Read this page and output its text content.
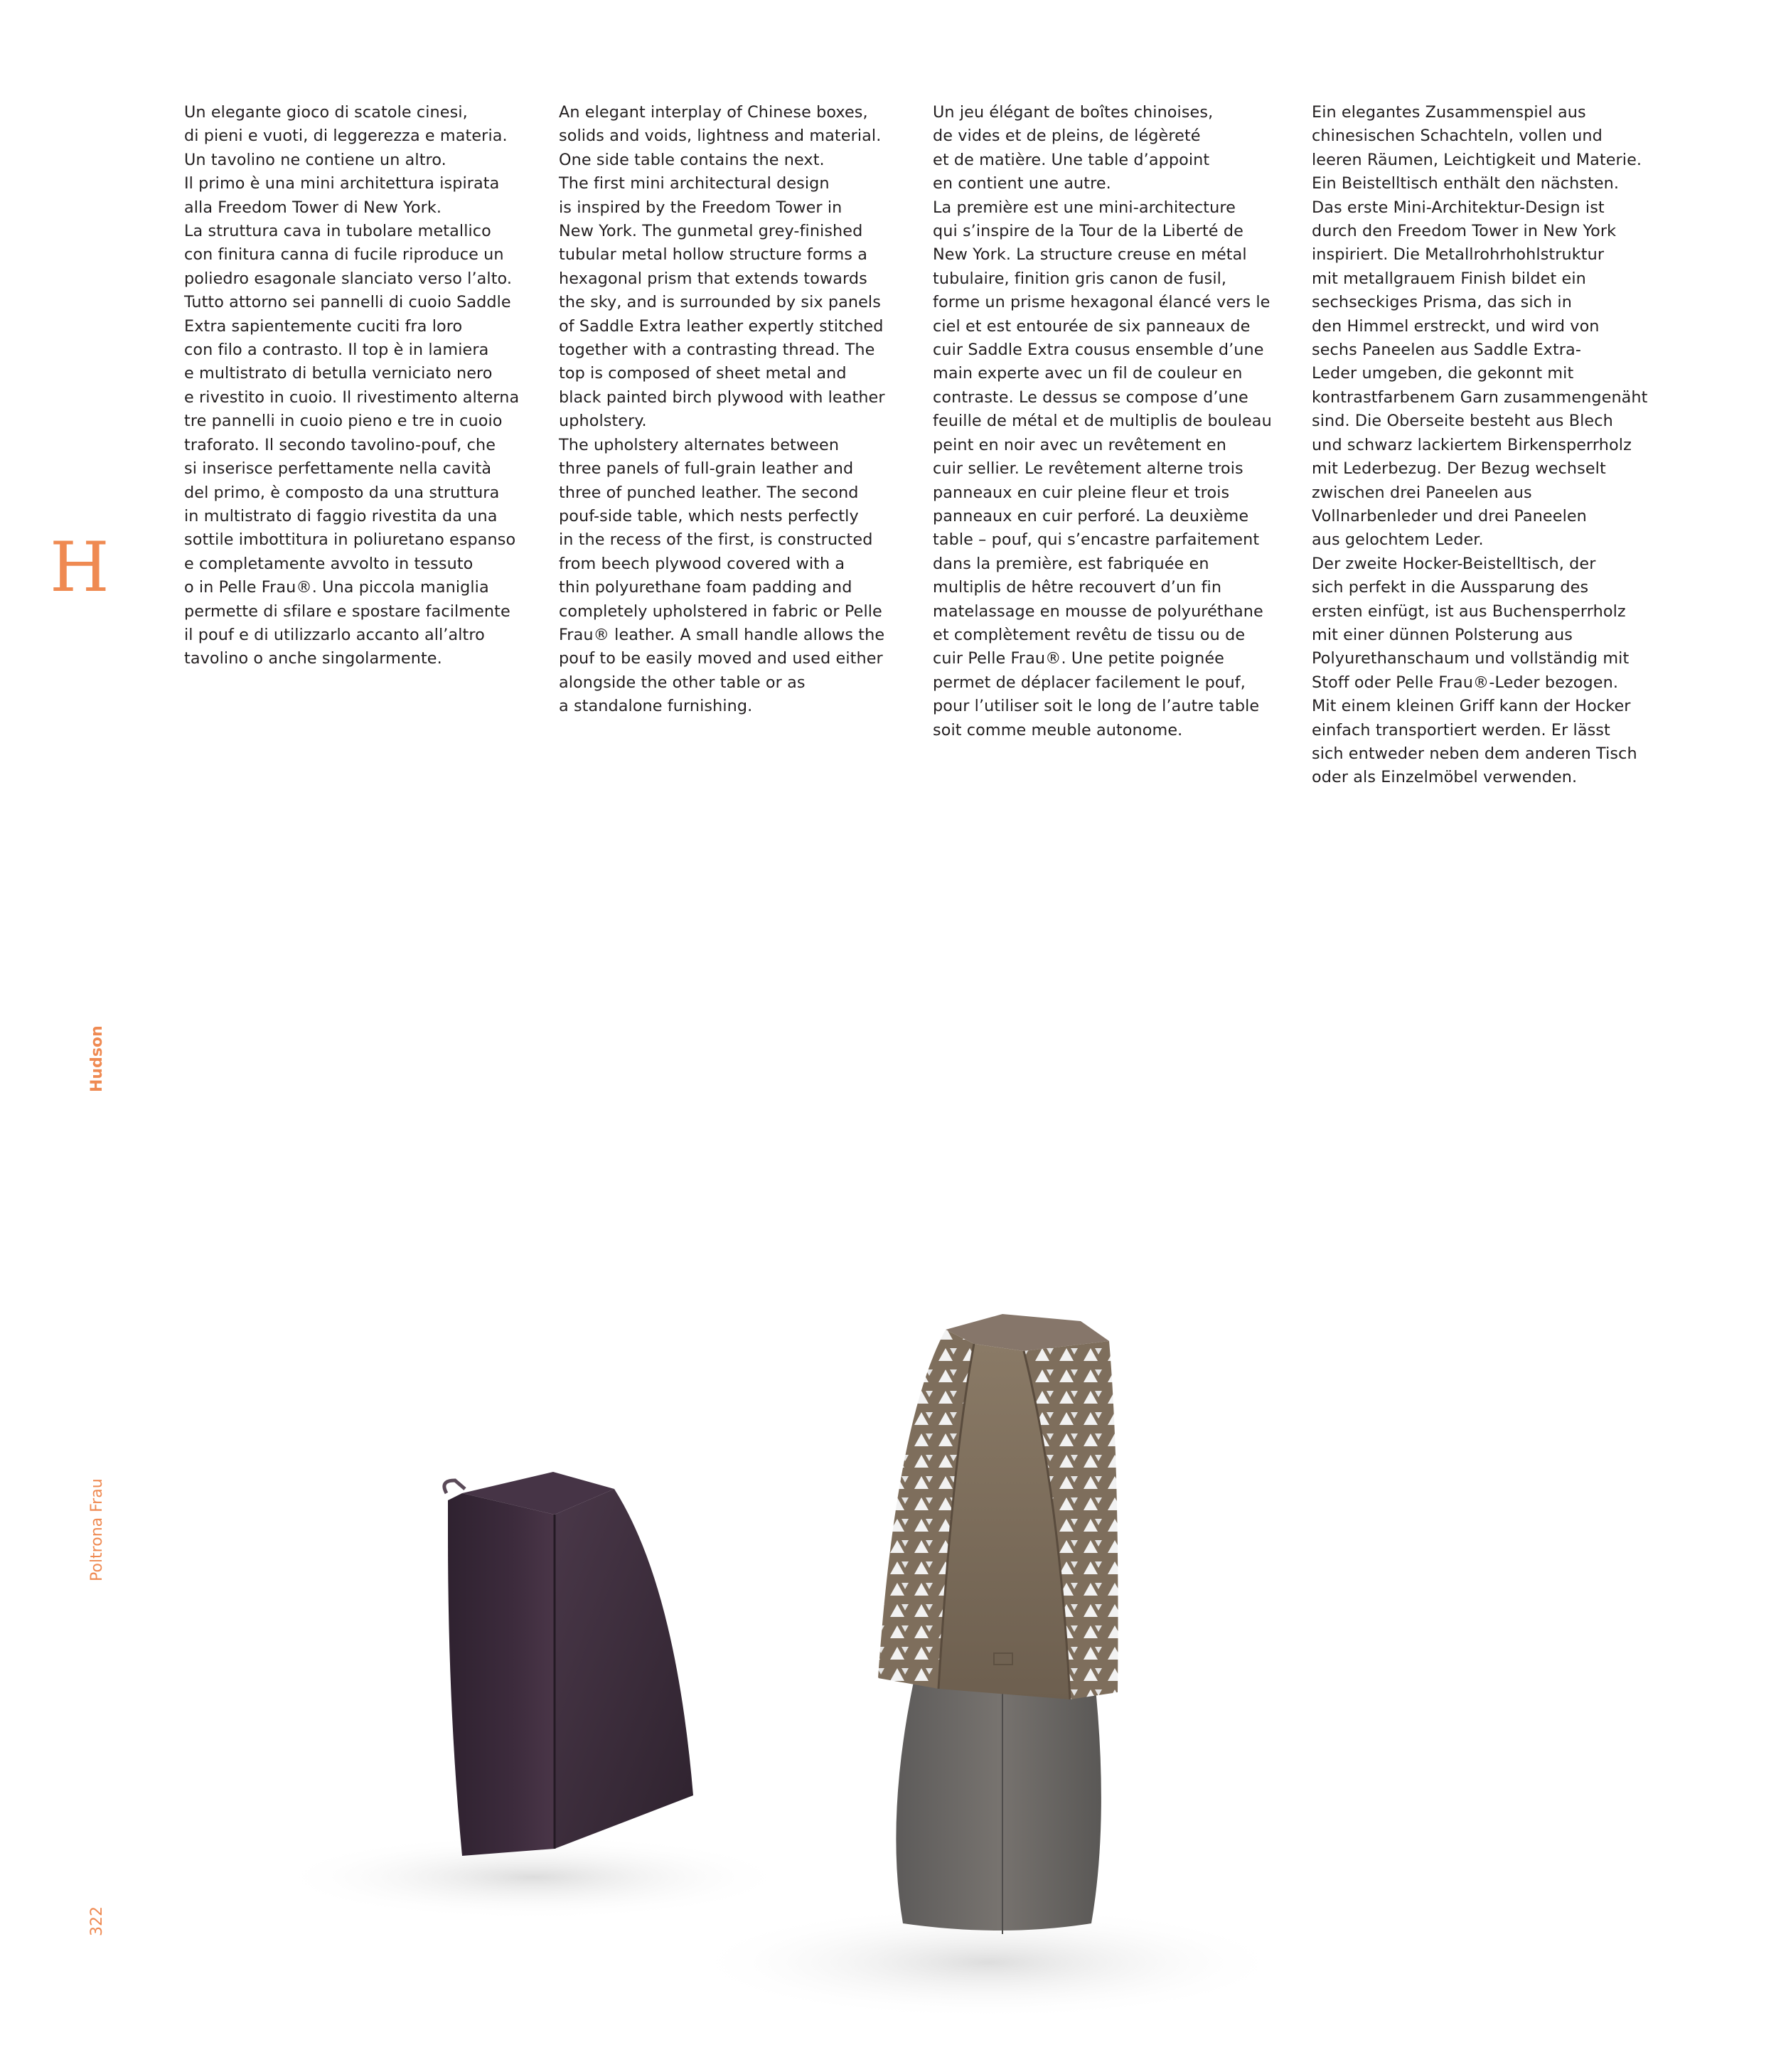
Un elegante gioco di scatole cinesi,
di pieni e vuoti, di leggerezza e materia.
Un tavolino ne contiene un altro.
Il primo è una mini architettura ispirata
alla Freedom Tower di New York.
La struttura cava in tubolare metallico
con finitura canna di fucile riproduce un
poliedro esagonale slanciato verso l’alto.
Tutto attorno sei pannelli di cuoio Saddle
Extra sapientemente cuciti fra loro
con filo a contrasto. Il top è in lamiera
e multistrato di betulla verniciato nero
e rivestito in cuoio. Il rivestimento alterna
tre pannelli in cuoio pieno e tre in cuoio
traforato. Il secondo tavolino-pouf, che
si inserisce perfettamente nella cavità
del primo, è composto da una struttura
in multistrato di faggio rivestita da una
sottile imbottitura in poliuretano espanso
e completamente avvolto in tessuto
o in Pelle Frau®. Una piccola maniglia
permette di sfilare e spostare facilmente
il pouf e di utilizzarlo accanto all’altro
tavolino o anche singolarmente.
An elegant interplay of Chinese boxes,
solids and voids, lightness and material.
One side table contains the next.
The first mini architectural design
is inspired by the Freedom Tower in
New York. The gunmetal grey-finished
tubular metal hollow structure forms a
hexagonal prism that extends towards
the sky, and is surrounded by six panels
of Saddle Extra leather expertly stitched
together with a contrasting thread. The
top is composed of sheet metal and
black painted birch plywood with leather
upholstery.
The upholstery alternates between
three panels of full-grain leather and
three of punched leather. The second
pouf-side table, which nests perfectly
in the recess of the first, is constructed
from beech plywood covered with a
thin polyurethane foam padding and
completely upholstered in fabric or Pelle
Frau® leather. A small handle allows the
pouf to be easily moved and used either
alongside the other table or as
a standalone furnishing.
Un jeu élégant de boîtes chinoises,
de vides et de pleins, de légèreté
et de matière. Une table d’appoint
en contient une autre.
La première est une mini-architecture
qui s’inspire de la Tour de la Liberté de
New York. La structure creuse en métal
tubulaire, finition gris canon de fusil,
forme un prisme hexagonal élancé vers le
ciel et est entourée de six panneaux de
cuir Saddle Extra cousus ensemble d’une
main experte avec un fil de couleur en
contraste. Le dessus se compose d’une
feuille de métal et de multiplis de bouleau
peint en noir avec un revêtement en
cuir sellier. Le revêtement alterne trois
panneaux en cuir pleine fleur et trois
panneaux en cuir perforé. La deuxième
table – pouf, qui s’encastre parfaitement
dans la première, est fabriquée en
multiplis de hêtre recouvert d’un fin
matelassage en mousse de polyuréthane
et complètement revêtu de tissu ou de
cuir Pelle Frau®. Une petite poignée
permet de déplacer facilement le pouf,
pour l’utiliser soit le long de l’autre table
soit comme meuble autonome.
Ein elegantes Zusammenspiel aus
chinesischen Schachteln, vollen und
leeren Räumen, Leichtigkeit und Materie.
Ein Beistelltisch enthält den nächsten.
Das erste Mini-Architektur-Design ist
durch den Freedom Tower in New York
inspiriert. Die Metallrohrhohlstruktur
mit metallgrauem Finish bildet ein
sechseckiges Prisma, das sich in
den Himmel erstreckt, und wird von
sechs Paneelen aus Saddle Extra-
Leder umgeben, die gekonnt mit
kontrastfarbenem Garn zusammengenäht
sind. Die Oberseite besteht aus Blech
und schwarz lackiertem Birkensperrholz
mit Lederbezug. Der Bezug wechselt
zwischen drei Paneelen aus
Vollnarbenleder und drei Paneelen
aus gelochtem Leder.
Der zweite Hocker-Beistelltisch, der
sich perfekt in die Aussparung des
ersten einfügt, ist aus Buchensperrholz
mit einer dünnen Polsterung aus
Polyurethanschaum und vollständig mit
Stoff oder Pelle Frau®-Leder bezogen.
Mit einem kleinen Griff kann der Hocker
einfach transportiert werden. Er lässt
sich entweder neben dem anderen Tisch
oder als Einzelmöbel verwenden.
H
Hudson
Poltrona Frau
322
